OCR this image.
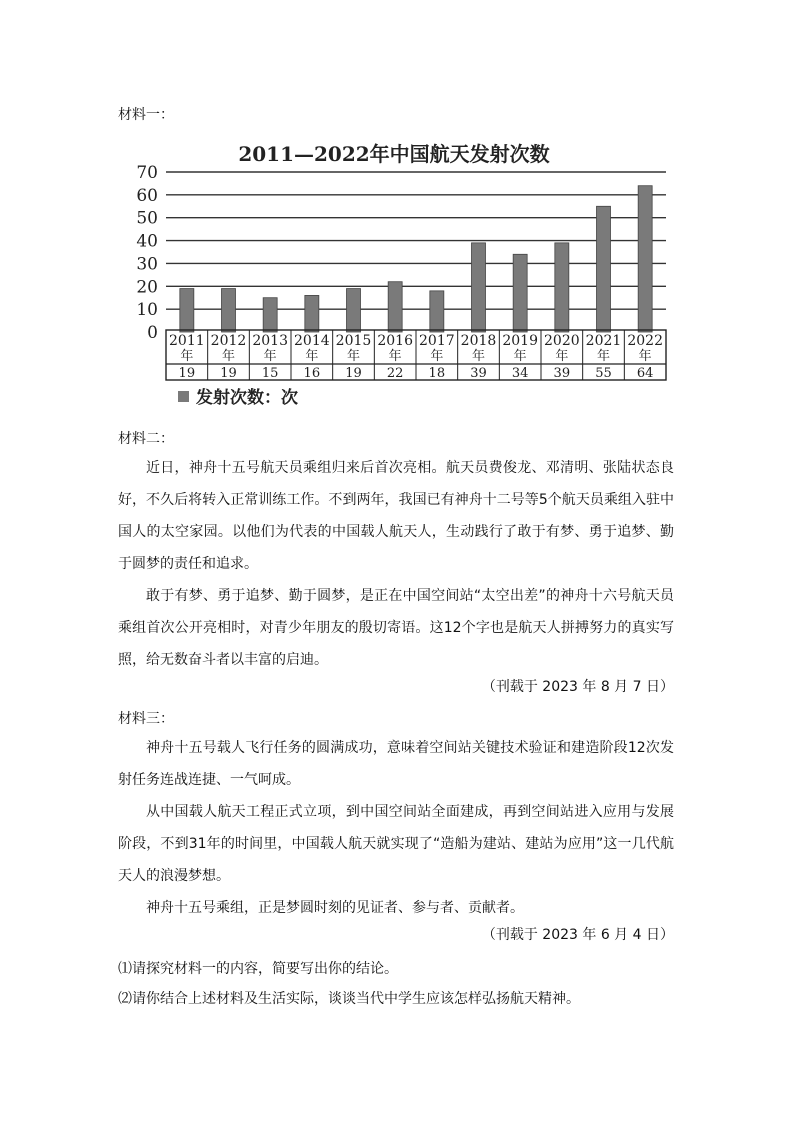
材料一：
2011—2022年中国航天发射次数
0
10
20
30
40
50
60
70
2011
年
19
2012
年
19
2013
年
15
2014
年
16
2015
年
19
2016
年
22
2017
年
18
2018
年
39
2019
年
34
2020
年
39
2021
年
55
2022
年
64
发射次数：次
材料二：
近日，神舟十五号航天员乘组归来后首次亮相。航天员费俊龙、邓清明、张陆状态良好，不久后将转入正常训练工作。不到两年，我国已有神舟十二号等5个航天员乘组入驻中国人的太空家园。以他们为代表的中国载人航天人，生动践行了敢于有梦、勇于追梦、勤于圆梦的责任和追求。
敢于有梦、勇于追梦、勤于圆梦，是正在中国空间站“太空出差”的神舟十六号航天员乘组首次公开亮相时，对青少年朋友的殷切寄语。这12个字也是航天人拼搏努力的真实写照，给无数奋斗者以丰富的启迪。
（刊载于 2023 年 8 月 7 日）
材料三：
神舟十五号载人飞行任务的圆满成功，意味着空间站关键技术验证和建造阶段12次发射任务连战连捷、一气呵成。
从中国载人航天工程正式立项，到中国空间站全面建成，再到空间站进入应用与发展阶段，不到31年的时间里，中国载人航天就实现了“造船为建站、建站为应用”这一几代航天人的浪漫梦想。
神舟十五号乘组，正是梦圆时刻的见证者、参与者、贡献者。
（刊载于 2023 年 6 月 4 日）
⑴请探究材料一的内容，简要写出你的结论。
⑵请你结合上述材料及生活实际，谈谈当代中学生应该怎样弘扬航天精神。
